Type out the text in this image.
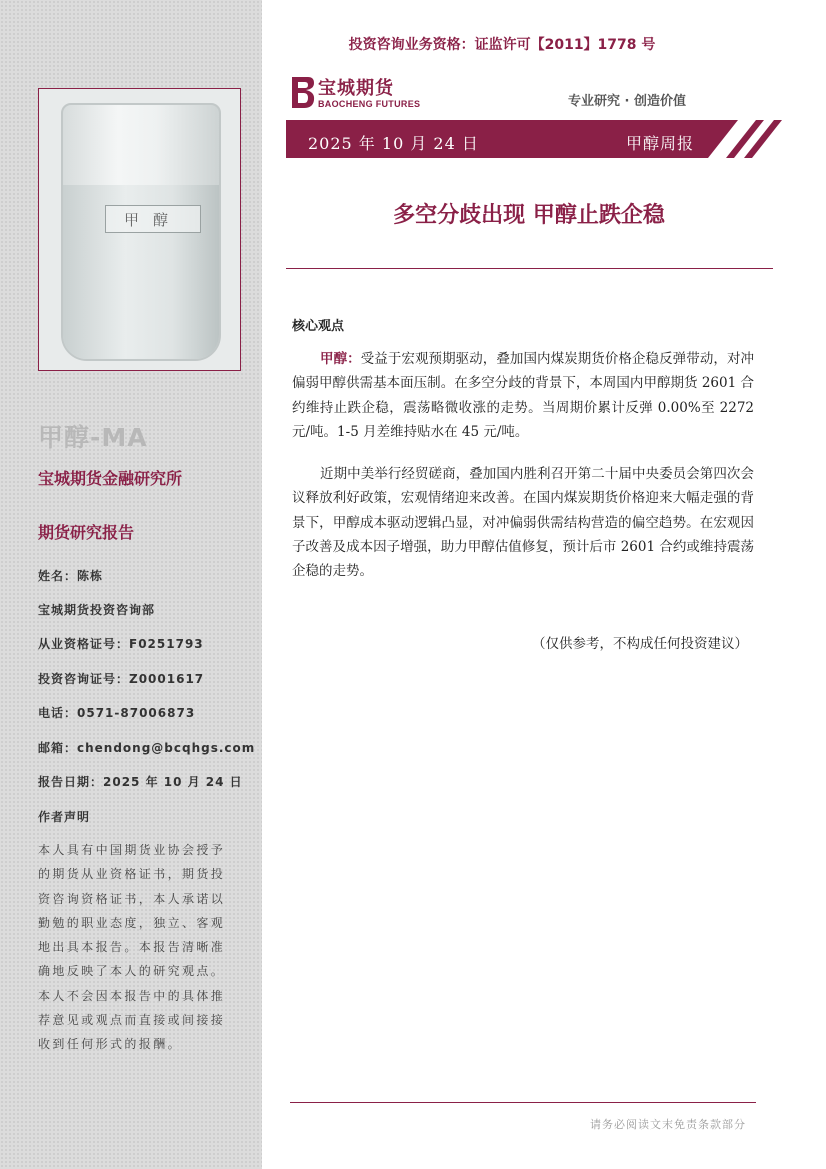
甲醇
甲醇-MA
宝城期货金融研究所
期货研究报告
姓名：陈栋
宝城期货投资咨询部
从业资格证号：F0251793
投资咨询证号：Z0001617
电话：0571-87006873
邮箱：chendong@bcqhgs.com
报告日期：2025 年 10 月 24 日
作者声明
本人具有中国期货业协会授予的期货从业资格证书，期货投资咨询资格证书，本人承诺以勤勉的职业态度，独立、客观地出具本报告。本报告清晰准确地反映了本人的研究观点。本人不会因本报告中的具体推荐意见或观点而直接或间接接收到任何形式的报酬。
投资咨询业务资格：证监许可【2011】1778 号
宝城期货
BAOCHENG FUTURES	专业研究 · 创造价值
2025 年 10 月 24 日	甲醇周报
多空分歧出现 甲醇止跌企稳
核心观点
甲醇：受益于宏观预期驱动，叠加国内煤炭期货价格企稳反弹带动，对冲偏弱甲醇供需基本面压制。在多空分歧的背景下，本周国内甲醇期货 2601 合约维持止跌企稳，震荡略微收涨的走势。当周期价累计反弹 0.00%至 2272 元/吨。1-5 月差维持贴水在 45 元/吨。
近期中美举行经贸磋商，叠加国内胜利召开第二十届中央委员会第四次会议释放利好政策，宏观情绪迎来改善。在国内煤炭期货价格迎来大幅走强的背景下，甲醇成本驱动逻辑凸显，对冲偏弱供需结构营造的偏空趋势。在宏观因子改善及成本因子增强，助力甲醇估值修复，预计后市 2601 合约或维持震荡企稳的走势。
（仅供参考，不构成任何投资建议）
请务必阅读文末免责条款部分
